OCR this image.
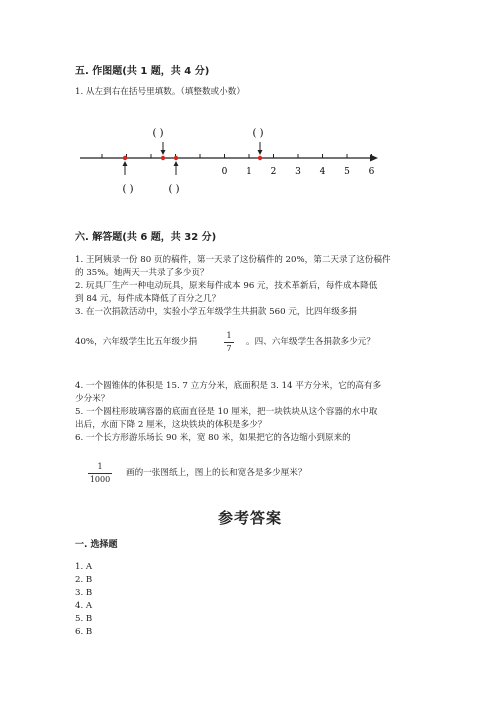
五. 作图题(共 1 题，共 4 分)
1. 从左到右在括号里填数。（填整数或小数）
0 1 2 3 4 5 6
( )	( )
( )	( )
六. 解答题(共 6 题，共 32 分)
1. 王阿姨录一份 80 页的稿件，第一天录了这份稿件的 20%，第二天录了这份稿件
的 35%。她两天一共录了多少页？
2. 玩具厂生产一种电动玩具，原来每件成本 96 元，技术革新后，每件成本降低
到 84 元，每件成本降低了百分之几？
3. 在一次捐款活动中，实验小学五年级学生共捐款 560 元，比四年级多捐
40%，六年级学生比五年级少捐
1
7
。四、六年级学生各捐款多少元？
4. 一个圆锥体的体积是 15. 7 立方分米，底面积是 3. 14 平方分米，它的高有多
少分米？
5. 一个圆柱形玻璃容器的底面直径是 10 厘米，把一块铁块从这个容器的水中取
出后，水面下降 2 厘米，这块铁块的体积是多少？
6. 一个长方形游乐场长 90 米，宽 80 米，如果把它的各边缩小到原来的
1
1000
画的一张图纸上，图上的长和宽各是多少厘米？
参考答案
一. 选择题
1. A
2. B
3. B
4. A
5. B
6. B
